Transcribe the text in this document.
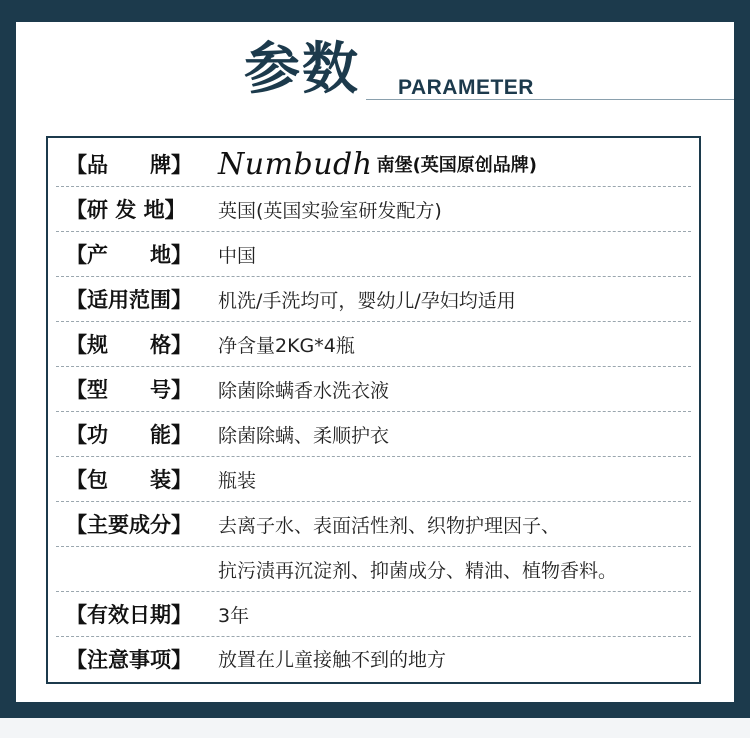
参数 PARAMETER
【品　　牌】 Numbudh 南堡(英国原创品牌)
【研 发 地】 英国(英国实验室研发配方)
【产　　地】 中国
【适用范围】 机洗/手洗均可，婴幼儿/孕妇均适用
【规　　格】 净含量2KG*4瓶
【型　　号】 除菌除螨香水洗衣液
【功　　能】 除菌除螨、柔顺护衣
【包　　装】 瓶装
【主要成分】 去离子水、表面活性剂、织物护理因子、
抗污渍再沉淀剂、抑菌成分、精油、植物香料。
【有效日期】 3年
【注意事项】 放置在儿童接触不到的地方
